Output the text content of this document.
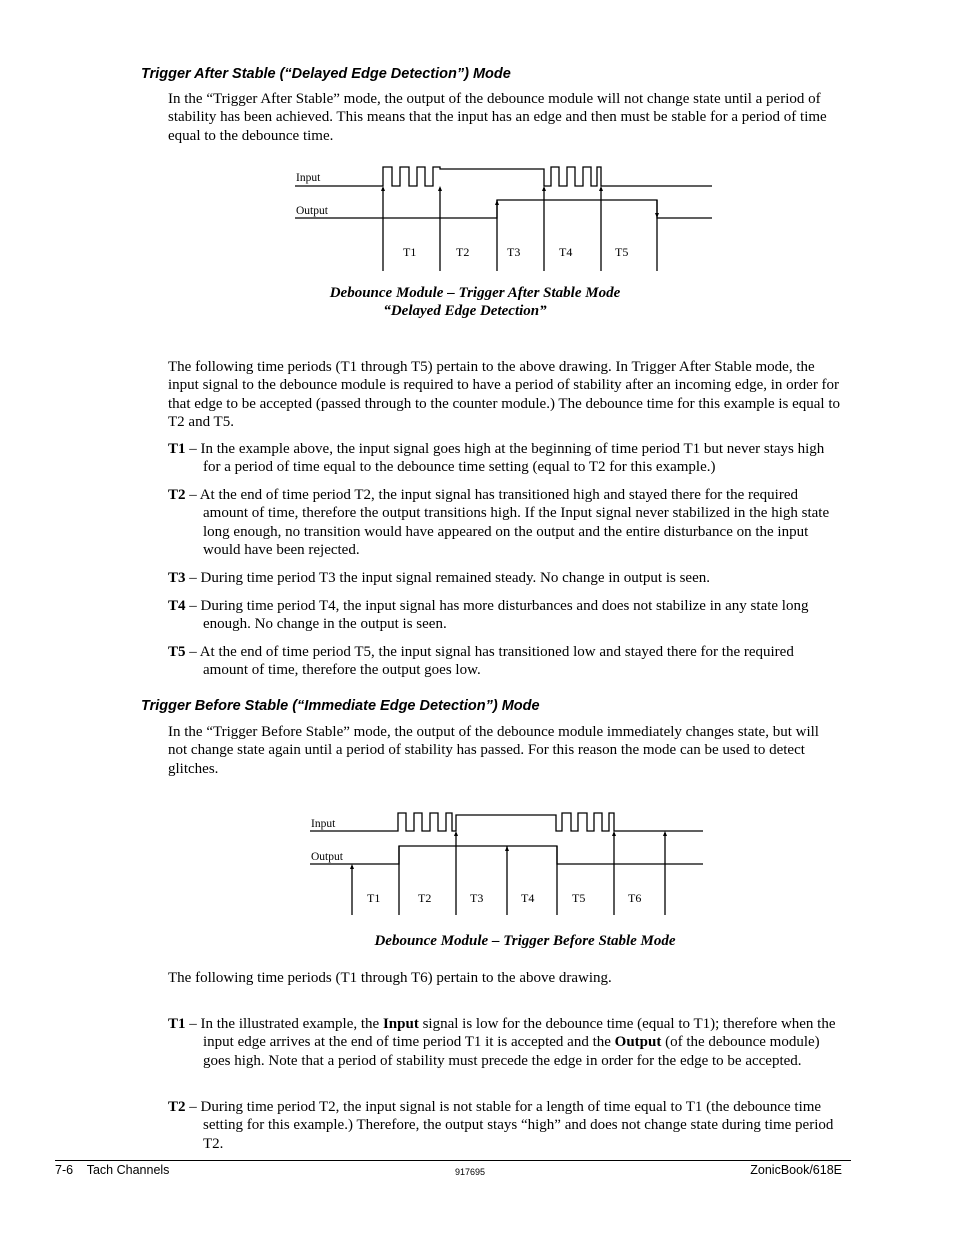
Trigger After Stable (“Delayed Edge Detection”) Mode
In the “Trigger After Stable” mode, the output of the debounce module will not change state until a period of stability has been achieved. This means that the input has an edge and then must be stable for a period of time equal to the debounce time.
Input
Output
T1	T2	T3	T4	T5
Debounce Module – Trigger After Stable Mode
“Delayed Edge Detection”
The following time periods (T1 through T5) pertain to the above drawing. In Trigger After Stable mode, the input signal to the debounce module is required to have a period of stability after an incoming edge, in order for that edge to be accepted (passed through to the counter module.) The debounce time for this example is equal to T2 and T5.
T1 – In the example above, the input signal goes high at the beginning of time period T1 but never stays high for a period of time equal to the debounce time setting (equal to T2 for this example.)
T2 – At the end of time period T2, the input signal has transitioned high and stayed there for the required amount of time, therefore the output transitions high. If the Input signal never stabilized in the high state long enough, no transition would have appeared on the output and the entire disturbance on the input would have been rejected.
T3 – During time period T3 the input signal remained steady. No change in output is seen.
T4 – During time period T4, the input signal has more disturbances and does not stabilize in any state long enough. No change in the output is seen.
T5 – At the end of time period T5, the input signal has transitioned low and stayed there for the required amount of time, therefore the output goes low.
Trigger Before Stable (“Immediate Edge Detection”) Mode
In the “Trigger Before Stable” mode, the output of the debounce module immediately changes state, but will not change state again until a period of stability has passed. For this reason the mode can be used to detect glitches.
Input
Output
T1	T2	T3	T4	T5	T6
Debounce Module – Trigger Before Stable Mode
The following time periods (T1 through T6) pertain to the above drawing.
T1 – In the illustrated example, the Input signal is low for the debounce time (equal to T1); therefore when the input edge arrives at the end of time period T1 it is accepted and the Output (of the debounce module) goes high. Note that a period of stability must precede the edge in order for the edge to be accepted.
T2 – During time period T2, the input signal is not stable for a length of time equal to T1 (the debounce time setting for this example.) Therefore, the output stays “high” and does not change state during time period T2.
7-6    Tach Channels	917695	ZonicBook/618E
